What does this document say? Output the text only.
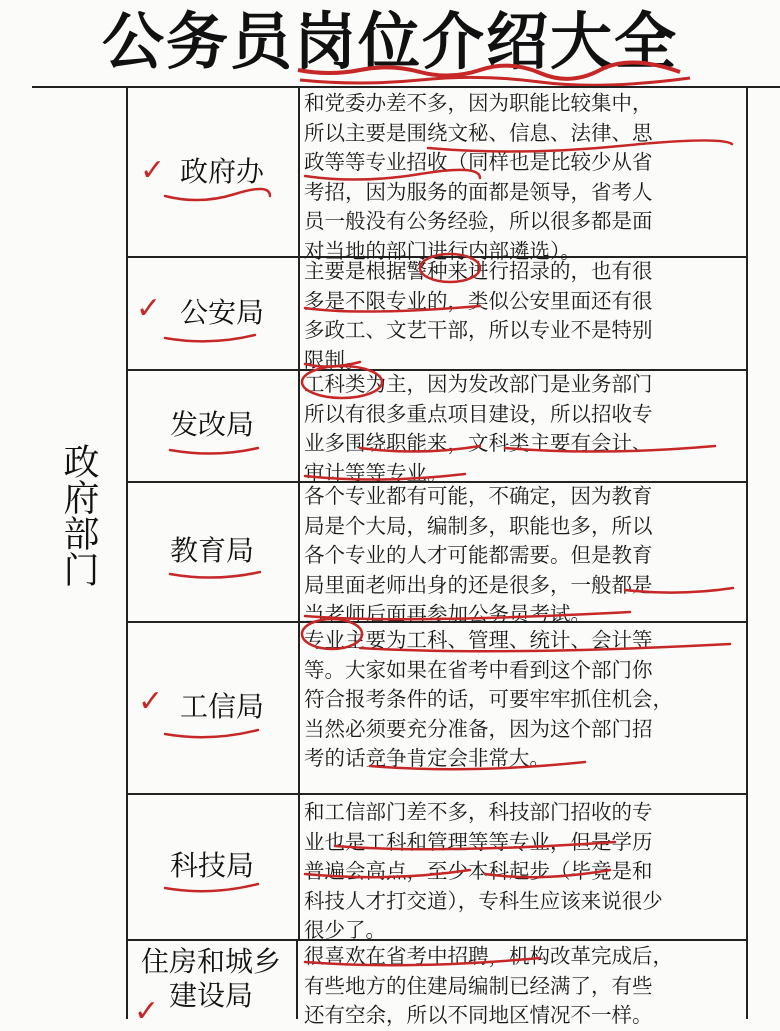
公务员岗位介绍大全
政府部门
✓ 政府办
和党委办差不多，因为职能比较集中，
所以主要是围绕文秘、信息、法律、思
政等等专业招收（同样也是比较少从省
考招，因为服务的面都是领导，省考人
员一般没有公务经验，所以很多都是面
对当地的部门进行内部遴选）。
✓ 公安局
主要是根据警种来进行招录的，也有很
多是不限专业的，类似公安里面还有很
多政工、文艺干部，所以专业不是特别
限制。
发改局
工科类为主，因为发改部门是业务部门
所以有很多重点项目建设，所以招收专
业多围绕职能来，文科类主要有会计、
审计等等专业。
教育局
各个专业都有可能，不确定，因为教育
局是个大局，编制多，职能也多，所以
各个专业的人才可能都需要。但是教育
局里面老师出身的还是很多，一般都是
当老师后面再参加公务员考试。
✓ 工信局
专业主要为工科、管理、统计、会计等
等。大家如果在省考中看到这个部门你
符合报考条件的话，可要牢牢抓住机会，
当然必须要充分准备，因为这个部门招
考的话竞争肯定会非常大。
科技局
和工信部门差不多，科技部门招收的专
业也是工科和管理等等专业，但是学历
普遍会高点，至少本科起步（毕竟是和
科技人才打交道），专科生应该来说很少
很少了。
住房和城乡建设局
✓
很喜欢在省考中招聘，机构改革完成后，
有些地方的住建局编制已经满了，有些
还有空余，所以不同地区情况不一样。
